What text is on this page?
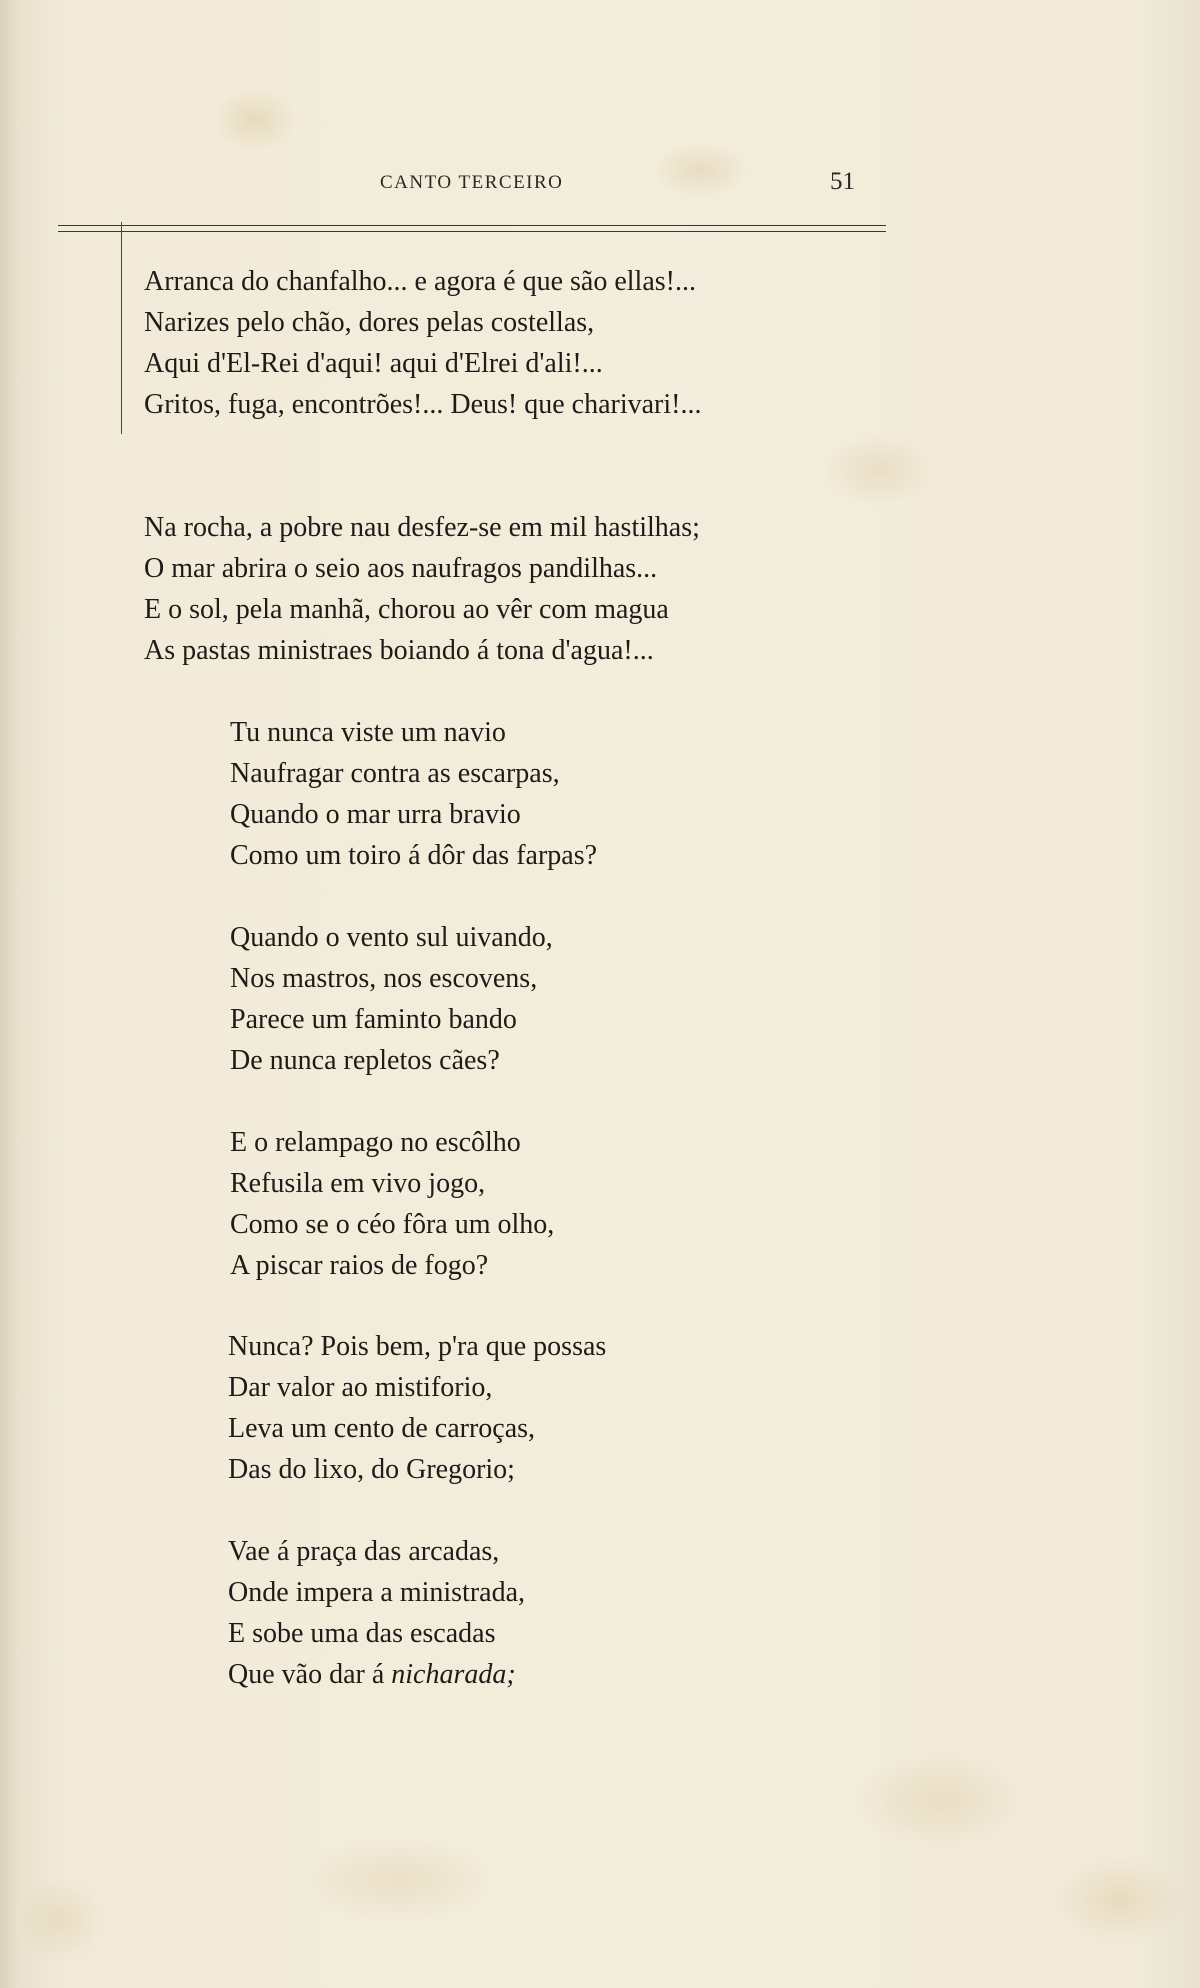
CANTO TERCEIRO	51
Arranca do chanfalho... e agora é que são ellas!...
Narizes pelo chão, dores pelas costellas,
Aqui d'El-Rei d'aqui! aqui d'Elrei d'ali!...
Gritos, fuga, encontrões!... Deus! que charivari!...
Na rocha, a pobre nau desfez-se em mil hastilhas;
O mar abrira o seio aos naufragos pandilhas...
E o sol, pela manhã, chorou ao vêr com magua
As pastas ministraes boiando á tona d'agua!...
Tu nunca viste um navio
Naufragar contra as escarpas,
Quando o mar urra bravio
Como um toiro á dôr das farpas?
Quando o vento sul uivando,
Nos mastros, nos escovens,
Parece um faminto bando
De nunca repletos cães?
E o relampago no escôlho
Refusila em vivo jogo,
Como se o céo fôra um olho,
A piscar raios de fogo?
Nunca? Pois bem, p'ra que possas
Dar valor ao mistiforio,
Leva um cento de carroças,
Das do lixo, do Gregorio;
Vae á praça das arcadas,
Onde impera a ministrada,
E sobe uma das escadas
Que vão dar á nicharada;
